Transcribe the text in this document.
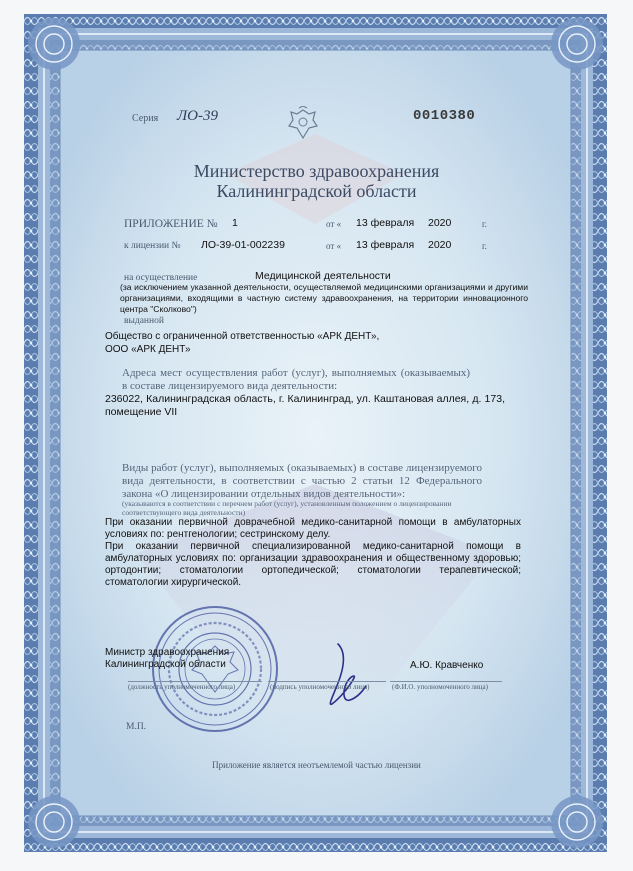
Серия ЛО-39	0010380
Министерство здравоохранения
Калининградской области
ПРИЛОЖЕНИЕ № 1	от « 13 февраля 2020	г.
к лицензии № ЛО-39-01-002239	от « 13 февраля 2020	г.
на осуществление	Медицинской деятельности
(за исключением указанной деятельности, осуществляемой медицинскими организациями и другими организациями, входящими в частную систему здравоохранения, на территории инновационного центра "Сколково")
выданной
Общество с ограниченной ответственностью «АРК ДЕНТ»,
ООО «АРК ДЕНТ»
Адреса мест осуществления работ (услуг), выполняемых (оказываемых) в составе лицензируемого вида деятельности:
236022, Калининградская область, г. Калининград, ул. Каштановая аллея, д. 173, помещение VII
Виды работ (услуг), выполняемых (оказываемых) в составе лицензируемого вида деятельности, в соответствии с частью 2 статьи 12 Федерального закона «О лицензировании отдельных видов деятельности»:
(указываются в соответствии с перечнем работ (услуг), установленным положением о лицензировании соответствующего вида деятельности)
При оказании первичной доврачебной медико-санитарной помощи в амбулаторных условиях по: рентгенологии; сестринскому делу.
При оказании первичной специализированной медико-санитарной помощи в амбулаторных условиях по: организации здравоохранения и общественному здоровью; ортодонтии; стоматологии ортопедической; стоматологии терапевтической; стоматологии хирургической.
Министр здравоохранения
Калининградской области	А.Ю. Кравченко
(должность уполномоченного лица)	(подпись уполномоченного лица)	(Ф.И.О. уполномоченного лица)
М.П.
Приложение является неотъемлемой частью лицензии
